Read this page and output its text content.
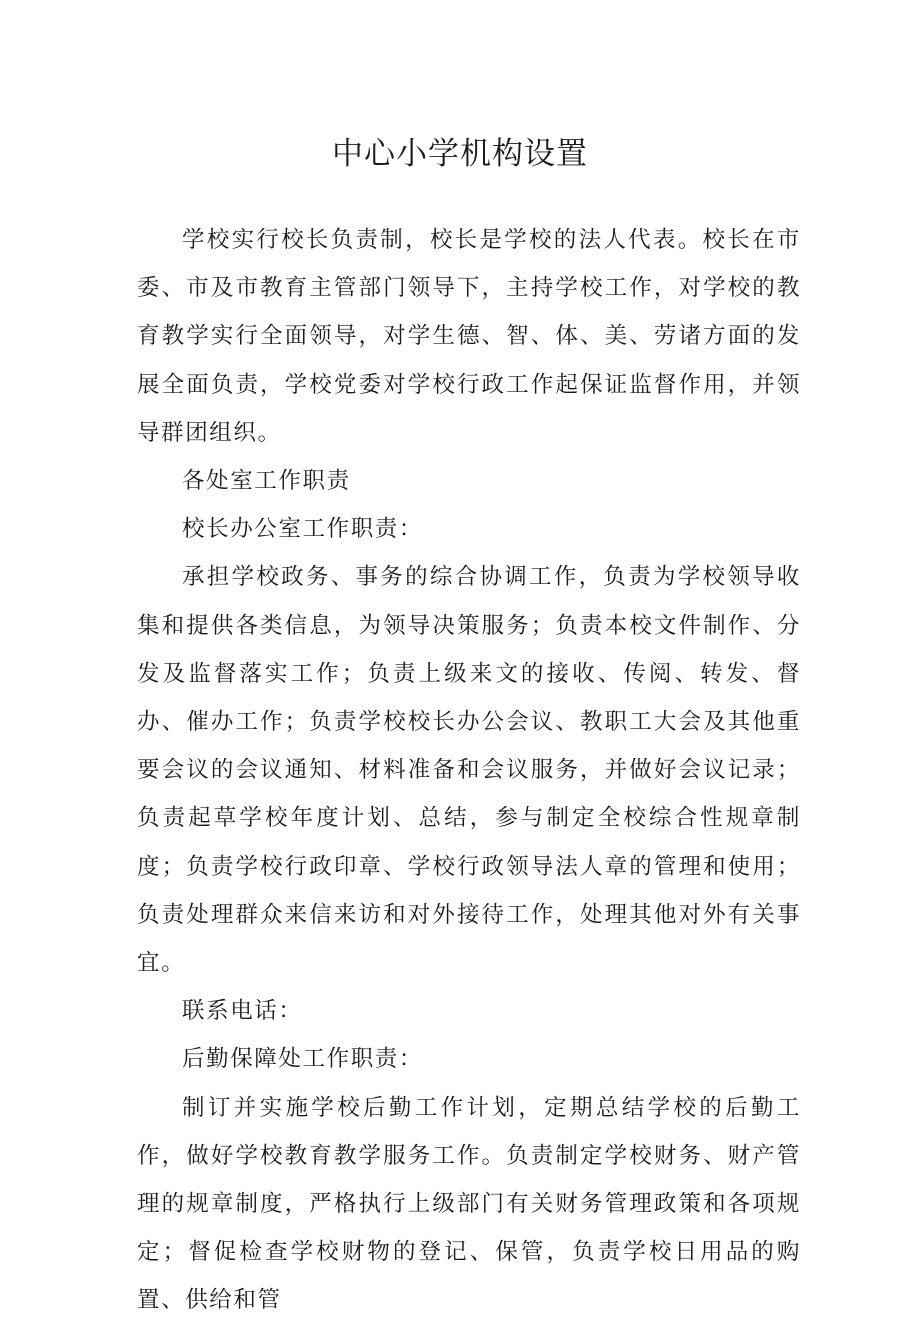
中心小学机构设置

学校实行校长负责制，校长是学校的法人代表。校长在市委、市及市教育主管部门领导下，主持学校工作，对学校的教育教学实行全面领导，对学生德、智、体、美、劳诸方面的发展全面负责，学校党委对学校行政工作起保证监督作用，并领导群团组织。

各处室工作职责

校长办公室工作职责：

承担学校政务、事务的综合协调工作，负责为学校领导收集和提供各类信息，为领导决策服务；负责本校文件制作、分发及监督落实工作；负责上级来文的接收、传阅、转发、督办、催办工作；负责学校校长办公会议、教职工大会及其他重要会议的会议通知、材料准备和会议服务，并做好会议记录；负责起草学校年度计划、总结，参与制定全校综合性规章制度；负责学校行政印章、学校行政领导法人章的管理和使用；负责处理群众来信来访和对外接待工作，处理其他对外有关事宜。

联系电话：

后勤保障处工作职责：

制订并实施学校后勤工作计划，定期总结学校的后勤工作，做好学校教育教学服务工作。负责制定学校财务、财产管理的规章制度，严格执行上级部门有关财务管理政策和各项规定；督促检查学校财物的登记、保管，负责学校日用品的购置、供给和管
